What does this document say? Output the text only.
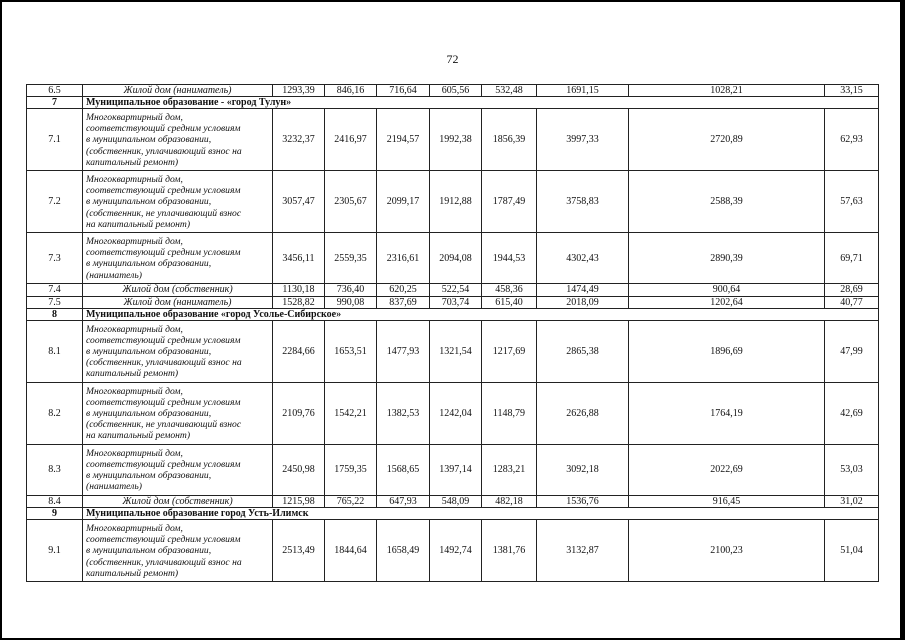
72
6.5	Жилой дом (наниматель)	1293,39	846,16	716,64	605,56	532,48	1691,15	1028,21	33,15
7	Муниципальное образование - «город Тулун»								
7.1	Многоквартирный дом,
соответствующий средним условиям
в муниципальном образовании,
(собственник, уплачивающий взнос на
капитальный ремонт)	3232,37	2416,97	2194,57	1992,38	1856,39	3997,33	2720,89	62,93
7.2	Многоквартирный дом,
соответствующий средним условиям
в муниципальном образовании,
(собственник, не уплачивающий взнос
на капитальный ремонт)	3057,47	2305,67	2099,17	1912,88	1787,49	3758,83	2588,39	57,63
7.3	Многоквартирный дом,
соответствующий средним условиям
в муниципальном образовании,
(наниматель)	3456,11	2559,35	2316,61	2094,08	1944,53	4302,43	2890,39	69,71
7.4	Жилой дом (собственник)	1130,18	736,40	620,25	522,54	458,36	1474,49	900,64	28,69
7.5	Жилой дом (наниматель)	1528,82	990,08	837,69	703,74	615,40	2018,09	1202,64	40,77
8	Муниципальное образование «город Усолье-Сибирское»								
8.1	Многоквартирный дом,
соответствующий средним условиям
в муниципальном образовании,
(собственник, уплачивающий взнос на
капитальный ремонт)	2284,66	1653,51	1477,93	1321,54	1217,69	2865,38	1896,69	47,99
8.2	Многоквартирный дом,
соответствующий средним условиям
в муниципальном образовании,
(собственник, не уплачивающий взнос
на капитальный ремонт)	2109,76	1542,21	1382,53	1242,04	1148,79	2626,88	1764,19	42,69
8.3	Многоквартирный дом,
соответствующий средним условиям
в муниципальном образовании,
(наниматель)	2450,98	1759,35	1568,65	1397,14	1283,21	3092,18	2022,69	53,03
8.4	Жилой дом (собственник)	1215,98	765,22	647,93	548,09	482,18	1536,76	916,45	31,02
9	Муниципальное образование город Усть-Илимск								
9.1	Многоквартирный дом,
соответствующий средним условиям
в муниципальном образовании,
(собственник, уплачивающий взнос на
капитальный ремонт)	2513,49	1844,64	1658,49	1492,74	1381,76	3132,87	2100,23	51,04
